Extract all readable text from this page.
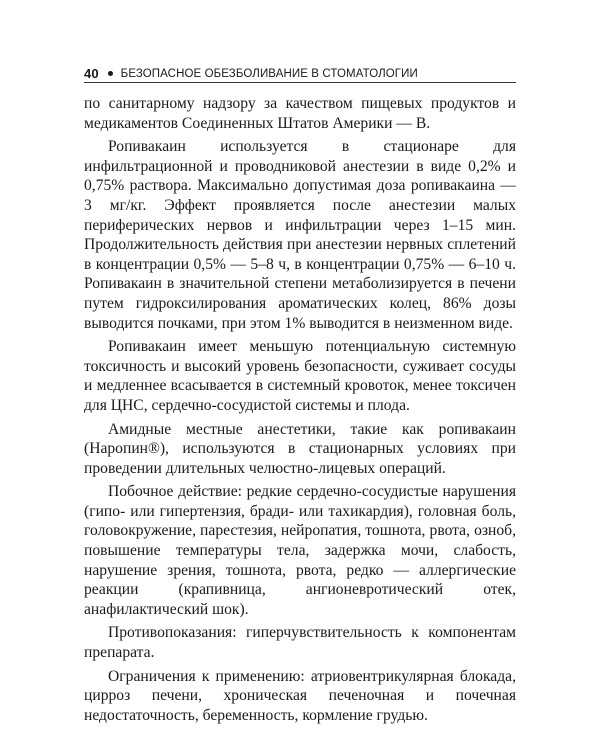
40 БЕЗОПАСНОЕ ОБЕЗБОЛИВАНИЕ В СТОМАТОЛОГИИ

по санитарному надзору за качеством пищевых продуктов и медикаментов Соединенных Штатов Америки — B.

Ропивакаин используется в стационаре для инфильтрационной и проводниковой анестезии в виде 0,2% и 0,75% раствора. Максимально допустимая доза ропивакаина — 3 мг/кг. Эффект проявляется после анестезии малых периферических нервов и инфильтрации через 1–15 мин. Продолжительность действия при анестезии нервных сплетений в концентрации 0,5% — 5–8 ч, в концентрации 0,75% — 6–10 ч. Ропивакаин в значительной степени метаболизируется в печени путем гидроксилирования ароматических колец, 86% дозы выводится почками, при этом 1% выводится в неизменном виде.

Ропивакаин имеет меньшую потенциальную системную токсичность и высокий уровень безопасности, суживает сосуды и медленнее всасывается в системный кровоток, менее токсичен для ЦНС, сердечно-сосудистой системы и плода.

Амидные местные анестетики, такие как ропивакаин (Наропин®), используются в стационарных условиях при проведении длительных челюстно-лицевых операций.

Побочное действие: редкие сердечно-сосудистые нарушения (гипо- или гипертензия, бради- или тахикардия), головная боль, головокружение, парестезия, нейропатия, тошнота, рвота, озноб, повышение температуры тела, задержка мочи, слабость, нарушение зрения, тошнота, рвота, редко — аллергические реакции (крапивница, ангионевротический отек, анафилактический шок).

Противопоказания: гиперчувствительность к компонентам препарата.

Ограничения к применению: атриовентрикулярная блокада, цирроз печени, хроническая печеночная и почечная недостаточность, беременность, кормление грудью.
